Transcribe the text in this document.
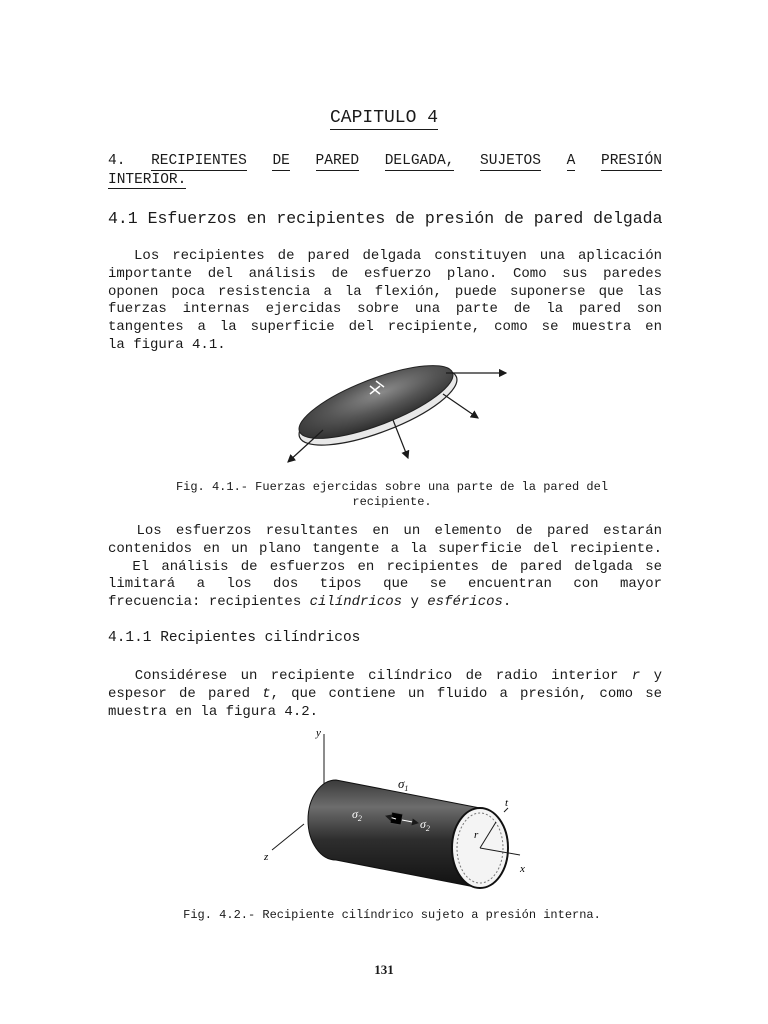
CAPITULO 4
4. RECIPIENTES DE PARED DELGADA, SUJETOS A PRESIÓN
INTERIOR.
4.1 Esfuerzos en recipientes de presión de pared delgada
Los recipientes de pared delgada constituyen una aplicación
importante del análisis de esfuerzo plano. Como sus paredes
oponen poca resistencia a la flexión, puede suponerse que las
fuerzas internas ejercidas sobre una parte de la pared son
tangentes a la superficie del recipiente, como se muestra en
la figura 4.1.
Fig. 4.1.- Fuerzas ejercidas sobre una parte de la pared del
recipiente.
Los esfuerzos resultantes en un elemento de pared estarán
contenidos en un plano tangente a la superficie del recipiente.
El análisis de esfuerzos en recipientes de pared delgada se
limitará a los dos tipos que se encuentran con mayor
frecuencia: recipientes cilíndricos y esféricos.
4.1.1 Recipientes cilíndricos
Considérese un recipiente cilíndrico de radio interior r y
espesor de pared t, que contiene un fluido a presión, como se
muestra en la figura 4.2.
y
z
x
r
t
$\sigma_1$
$\sigma_2$	$\sigma_2$
Fig. 4.2.- Recipiente cilíndrico sujeto a presión interna.
131
